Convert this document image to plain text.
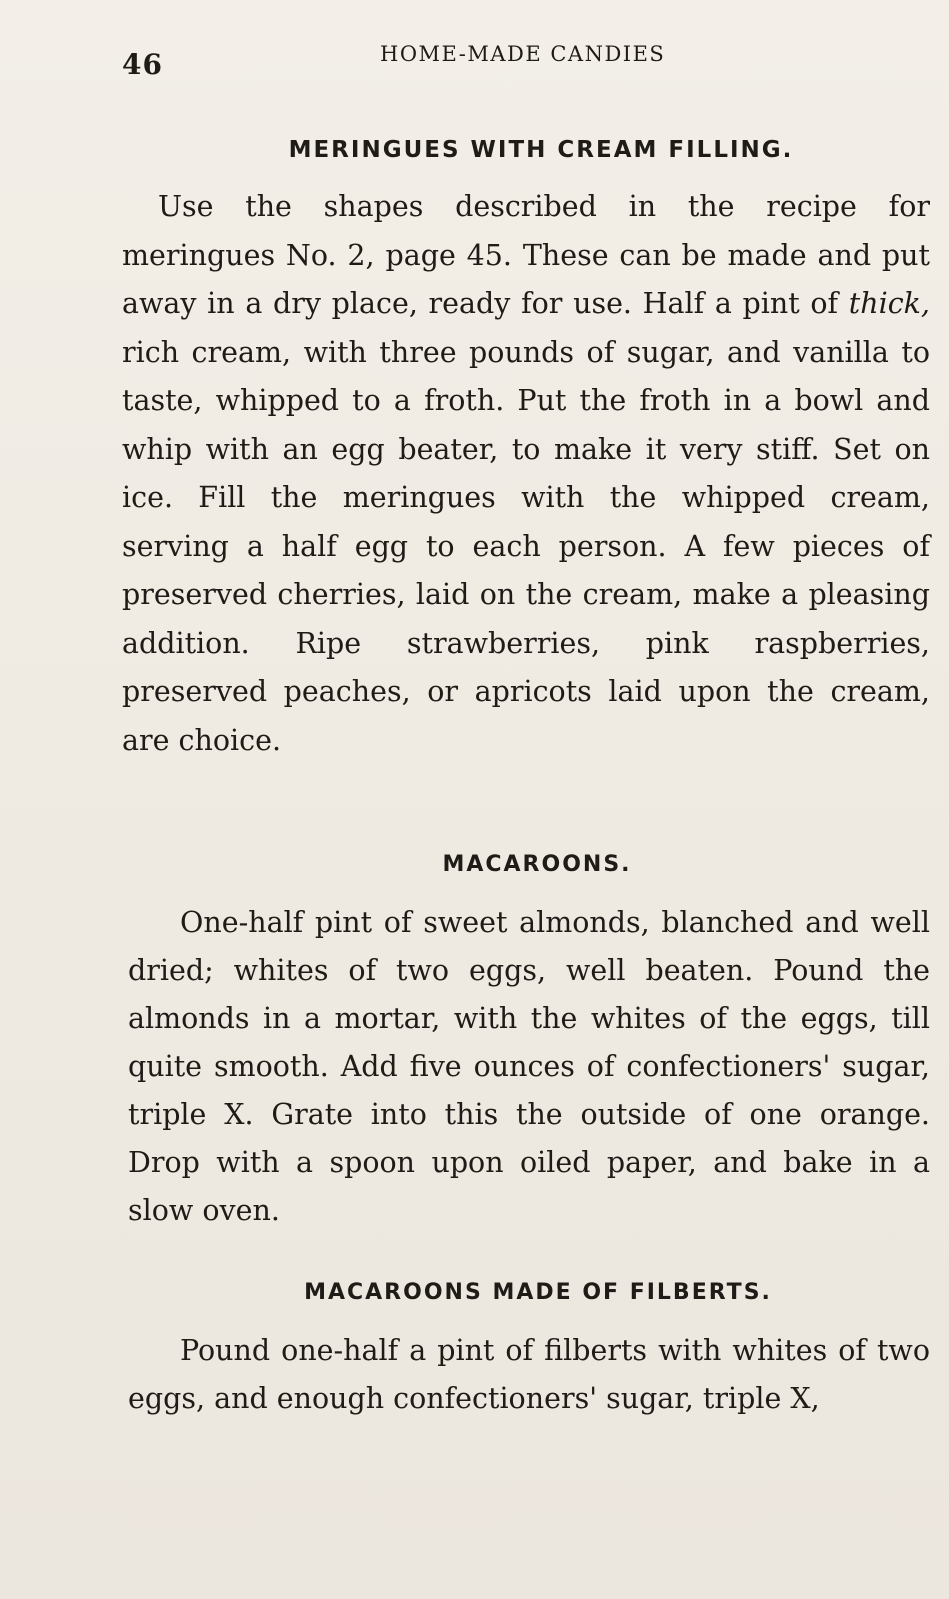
46	HOME-MADE CANDIES
MERINGUES WITH CREAM FILLING.

Use the shapes described in the recipe for meringues No. 2, page 45. These can be made and put away in a dry place, ready for use. Half a pint of thick, rich cream, with three pounds of sugar, and vanilla to taste, whipped to a froth. Put the froth in a bowl and whip with an egg beater, to make it very stiff. Set on ice. Fill the meringues with the whipped cream, serving a half egg to each person. A few pieces of preserved cherries, laid on the cream, make a pleasing addition. Ripe strawberries, pink raspberries, preserved peaches, or apricots laid upon the cream, are choice.

MACAROONS.

One-half pint of sweet almonds, blanched and well dried; whites of two eggs, well beaten. Pound the almonds in a mortar, with the whites of the eggs, till quite smooth. Add five ounces of confectioners' sugar, triple X. Grate into this the outside of one orange. Drop with a spoon upon oiled paper, and bake in a slow oven.

MACAROONS MADE OF FILBERTS.

Pound one-half a pint of filberts with whites of two eggs, and enough confectioners' sugar, triple X,
